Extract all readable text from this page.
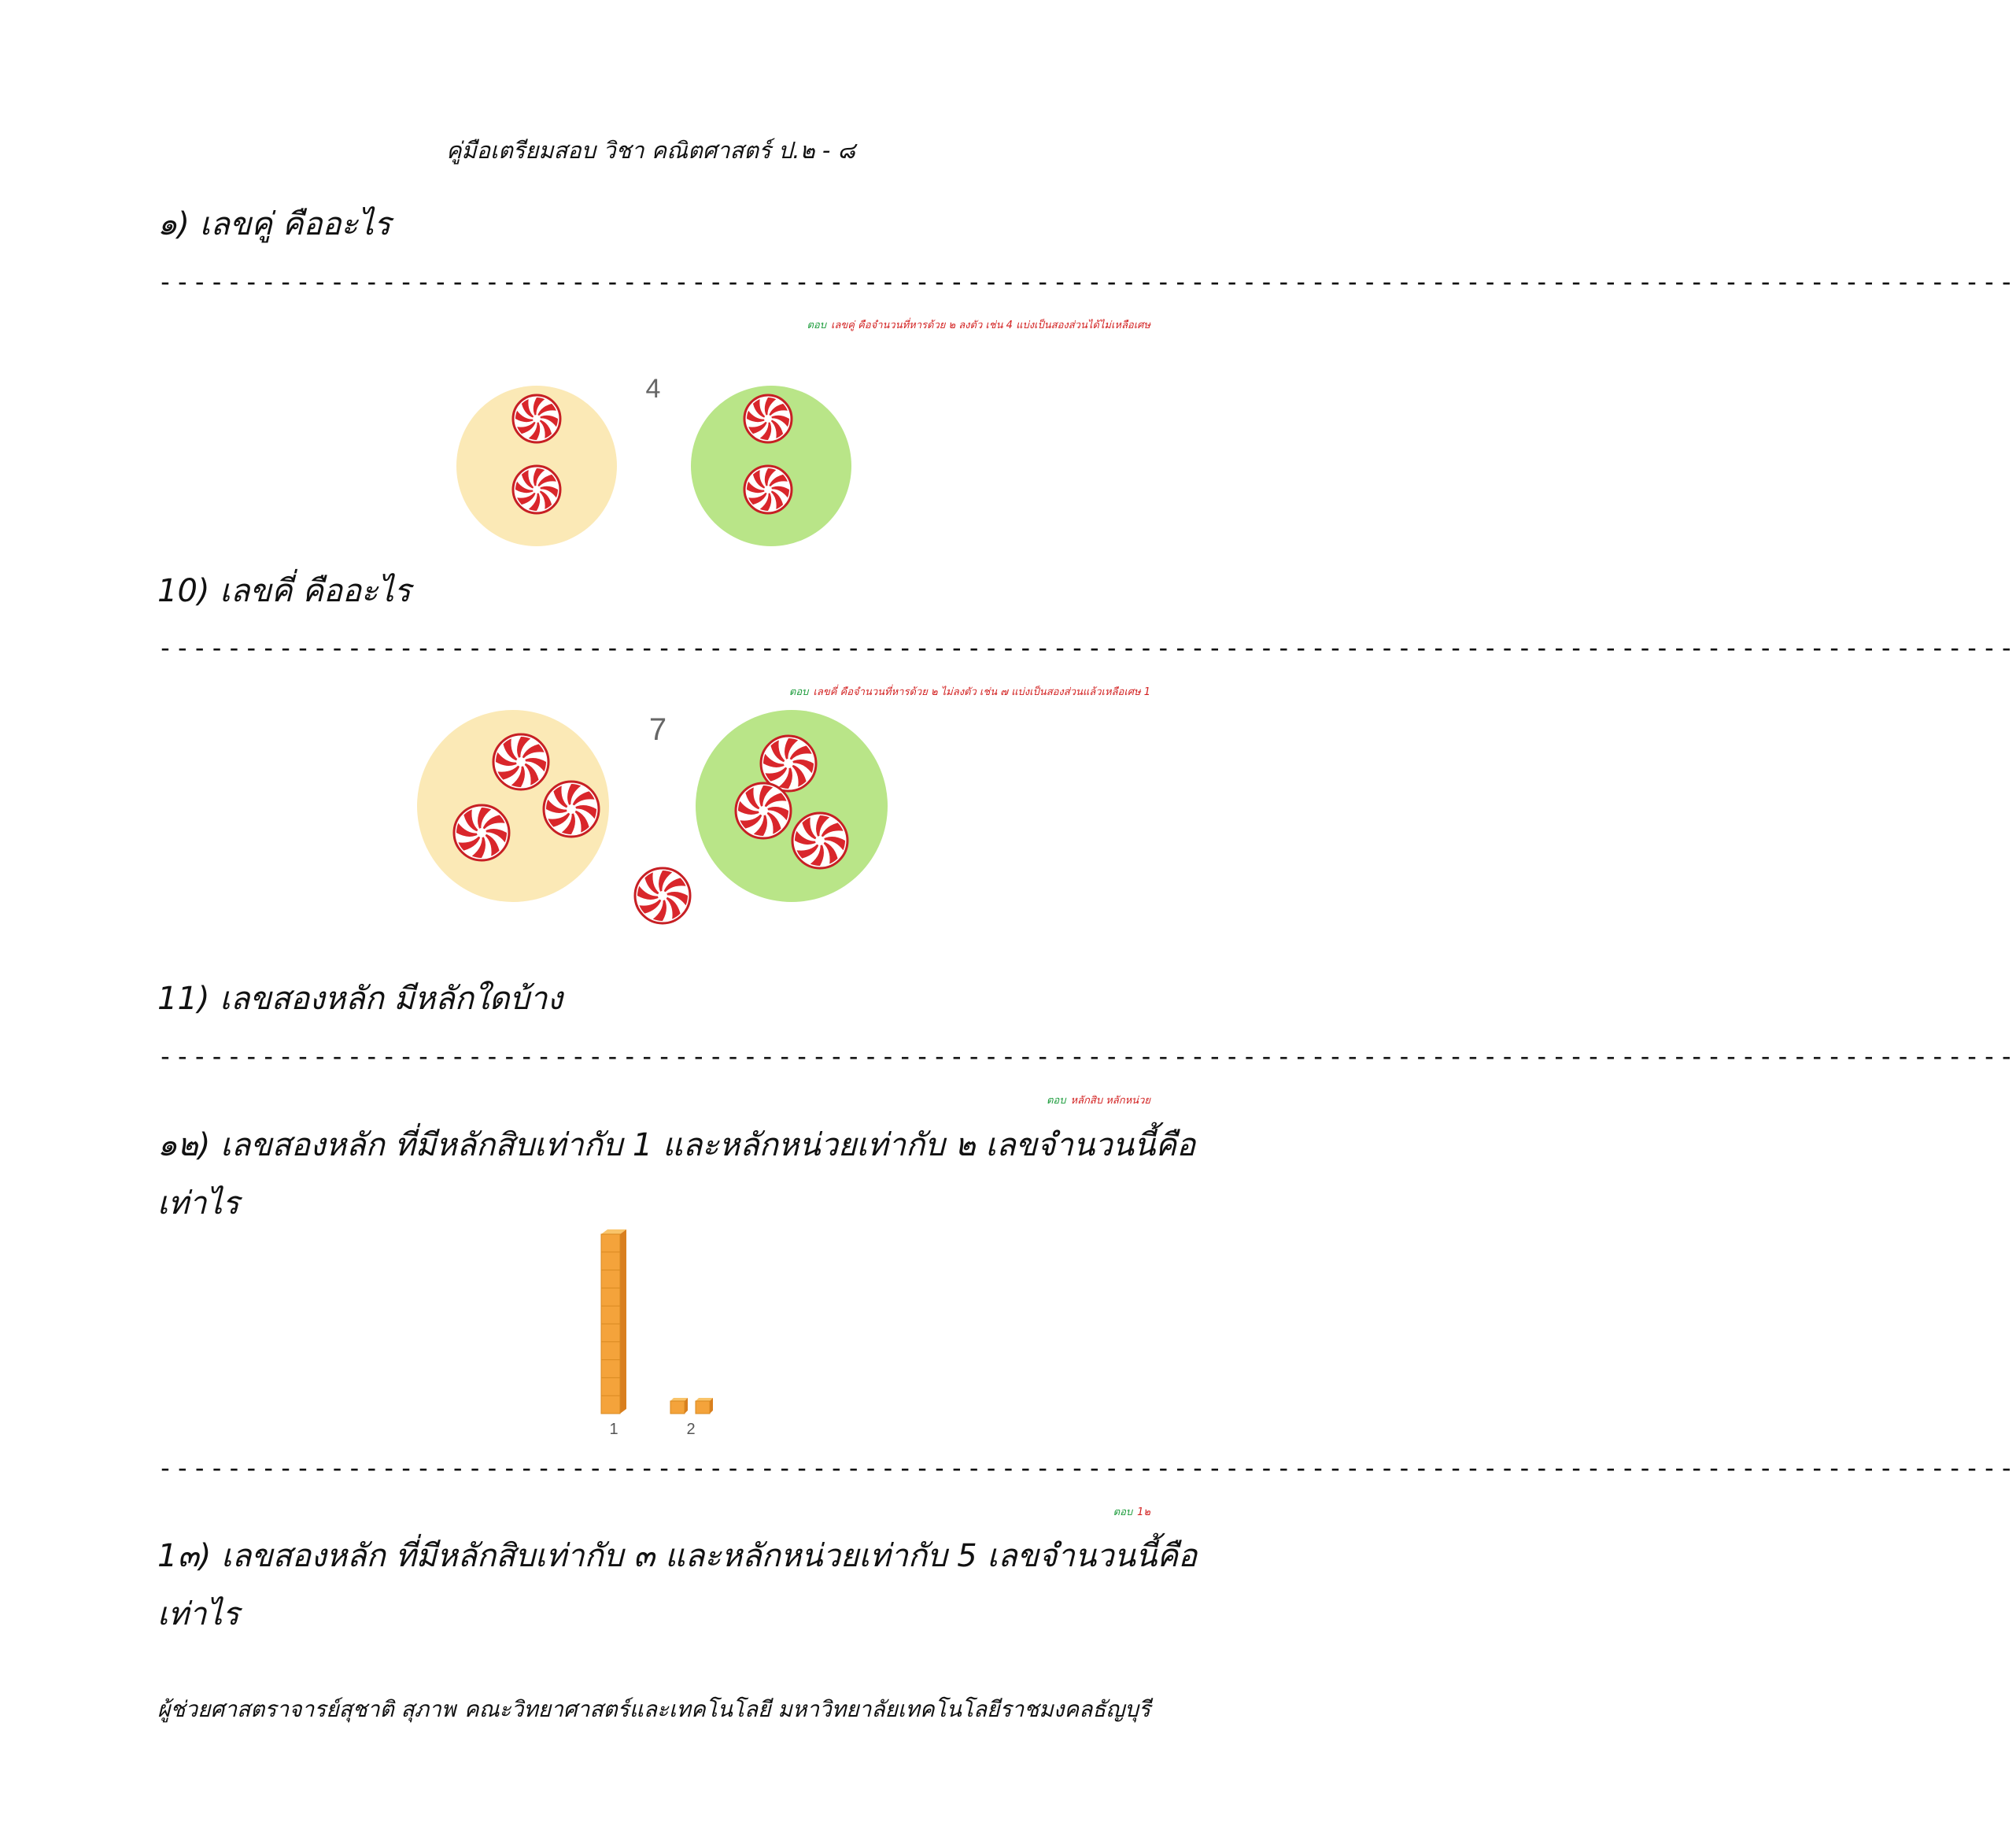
คู่มือเตรียมสอบ วิชา คณิตศาสตร์ ป.๒ - ๘
๑) เลขคู่ คืออะไร
------------------------------------------------------------------------------------------------------------
ตอบ เลขคู่ คือจำนวนที่หารด้วย ๒ ลงตัว เช่น 4 แบ่งเป็นสองส่วนได้ไม่เหลือเศษ
4
10) เลขคี่ คืออะไร
------------------------------------------------------------------------------------------------------------
ตอบ เลขคี่ คือจำนวนที่หารด้วย ๒ ไม่ลงตัว เช่น ๗ แบ่งเป็นสองส่วนแล้วเหลือเศษ 1
7
11) เลขสองหลัก มีหลักใดบ้าง
------------------------------------------------------------------------------------------------------------
ตอบ หลักสิบ หลักหน่วย
๑๒) เลขสองหลัก ที่มีหลักสิบเท่ากับ 1 และหลักหน่วยเท่ากับ ๒ เลขจำนวนนี้คือ
เท่าไร
1	2
------------------------------------------------------------------------------------------------------------
ตอบ 1๒
1๓) เลขสองหลัก ที่มีหลักสิบเท่ากับ ๓ และหลักหน่วยเท่ากับ 5 เลขจำนวนนี้คือ
เท่าไร
ผู้ช่วยศาสตราจารย์สุชาติ สุภาพ คณะวิทยาศาสตร์และเทคโนโลยี มหาวิทยาลัยเทคโนโลยีราชมงคลธัญบุรี
